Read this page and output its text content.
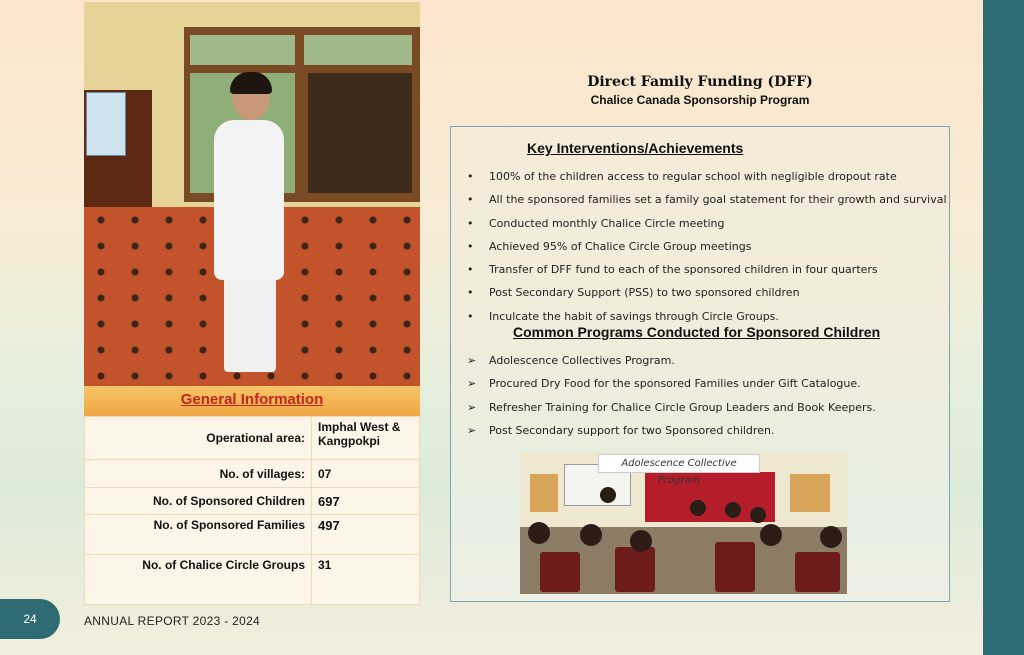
General Information
Operational area:	Imphal West & Kangpokpi
No. of villages:	07
No. of Sponsored Children	697
No. of Sponsored Families	497
No. of Chalice Circle Groups	31
Direct Family Funding (DFF)
Chalice Canada Sponsorship Program
Key Interventions/Achievements
• 100% of the children access to regular school with negligible dropout rate
• All the sponsored families set a family goal statement for their growth and survival
• Conducted monthly Chalice Circle meeting
• Achieved 95% of Chalice Circle Group meetings
• Transfer of DFF fund to each of the sponsored children in four quarters
• Post Secondary Support (PSS) to two sponsored children
• Inculcate the habit of savings through Circle Groups.
Common Programs Conducted for Sponsored Children
➢ Adolescence Collectives Program.
➢ Procured Dry Food for the sponsored Families under Gift Catalogue.
➢ Refresher Training for Chalice Circle Group Leaders and Book Keepers.
➢ Post Secondary support for two Sponsored children.
Adolescence Collective Program
24	ANNUAL REPORT 2023 - 2024
